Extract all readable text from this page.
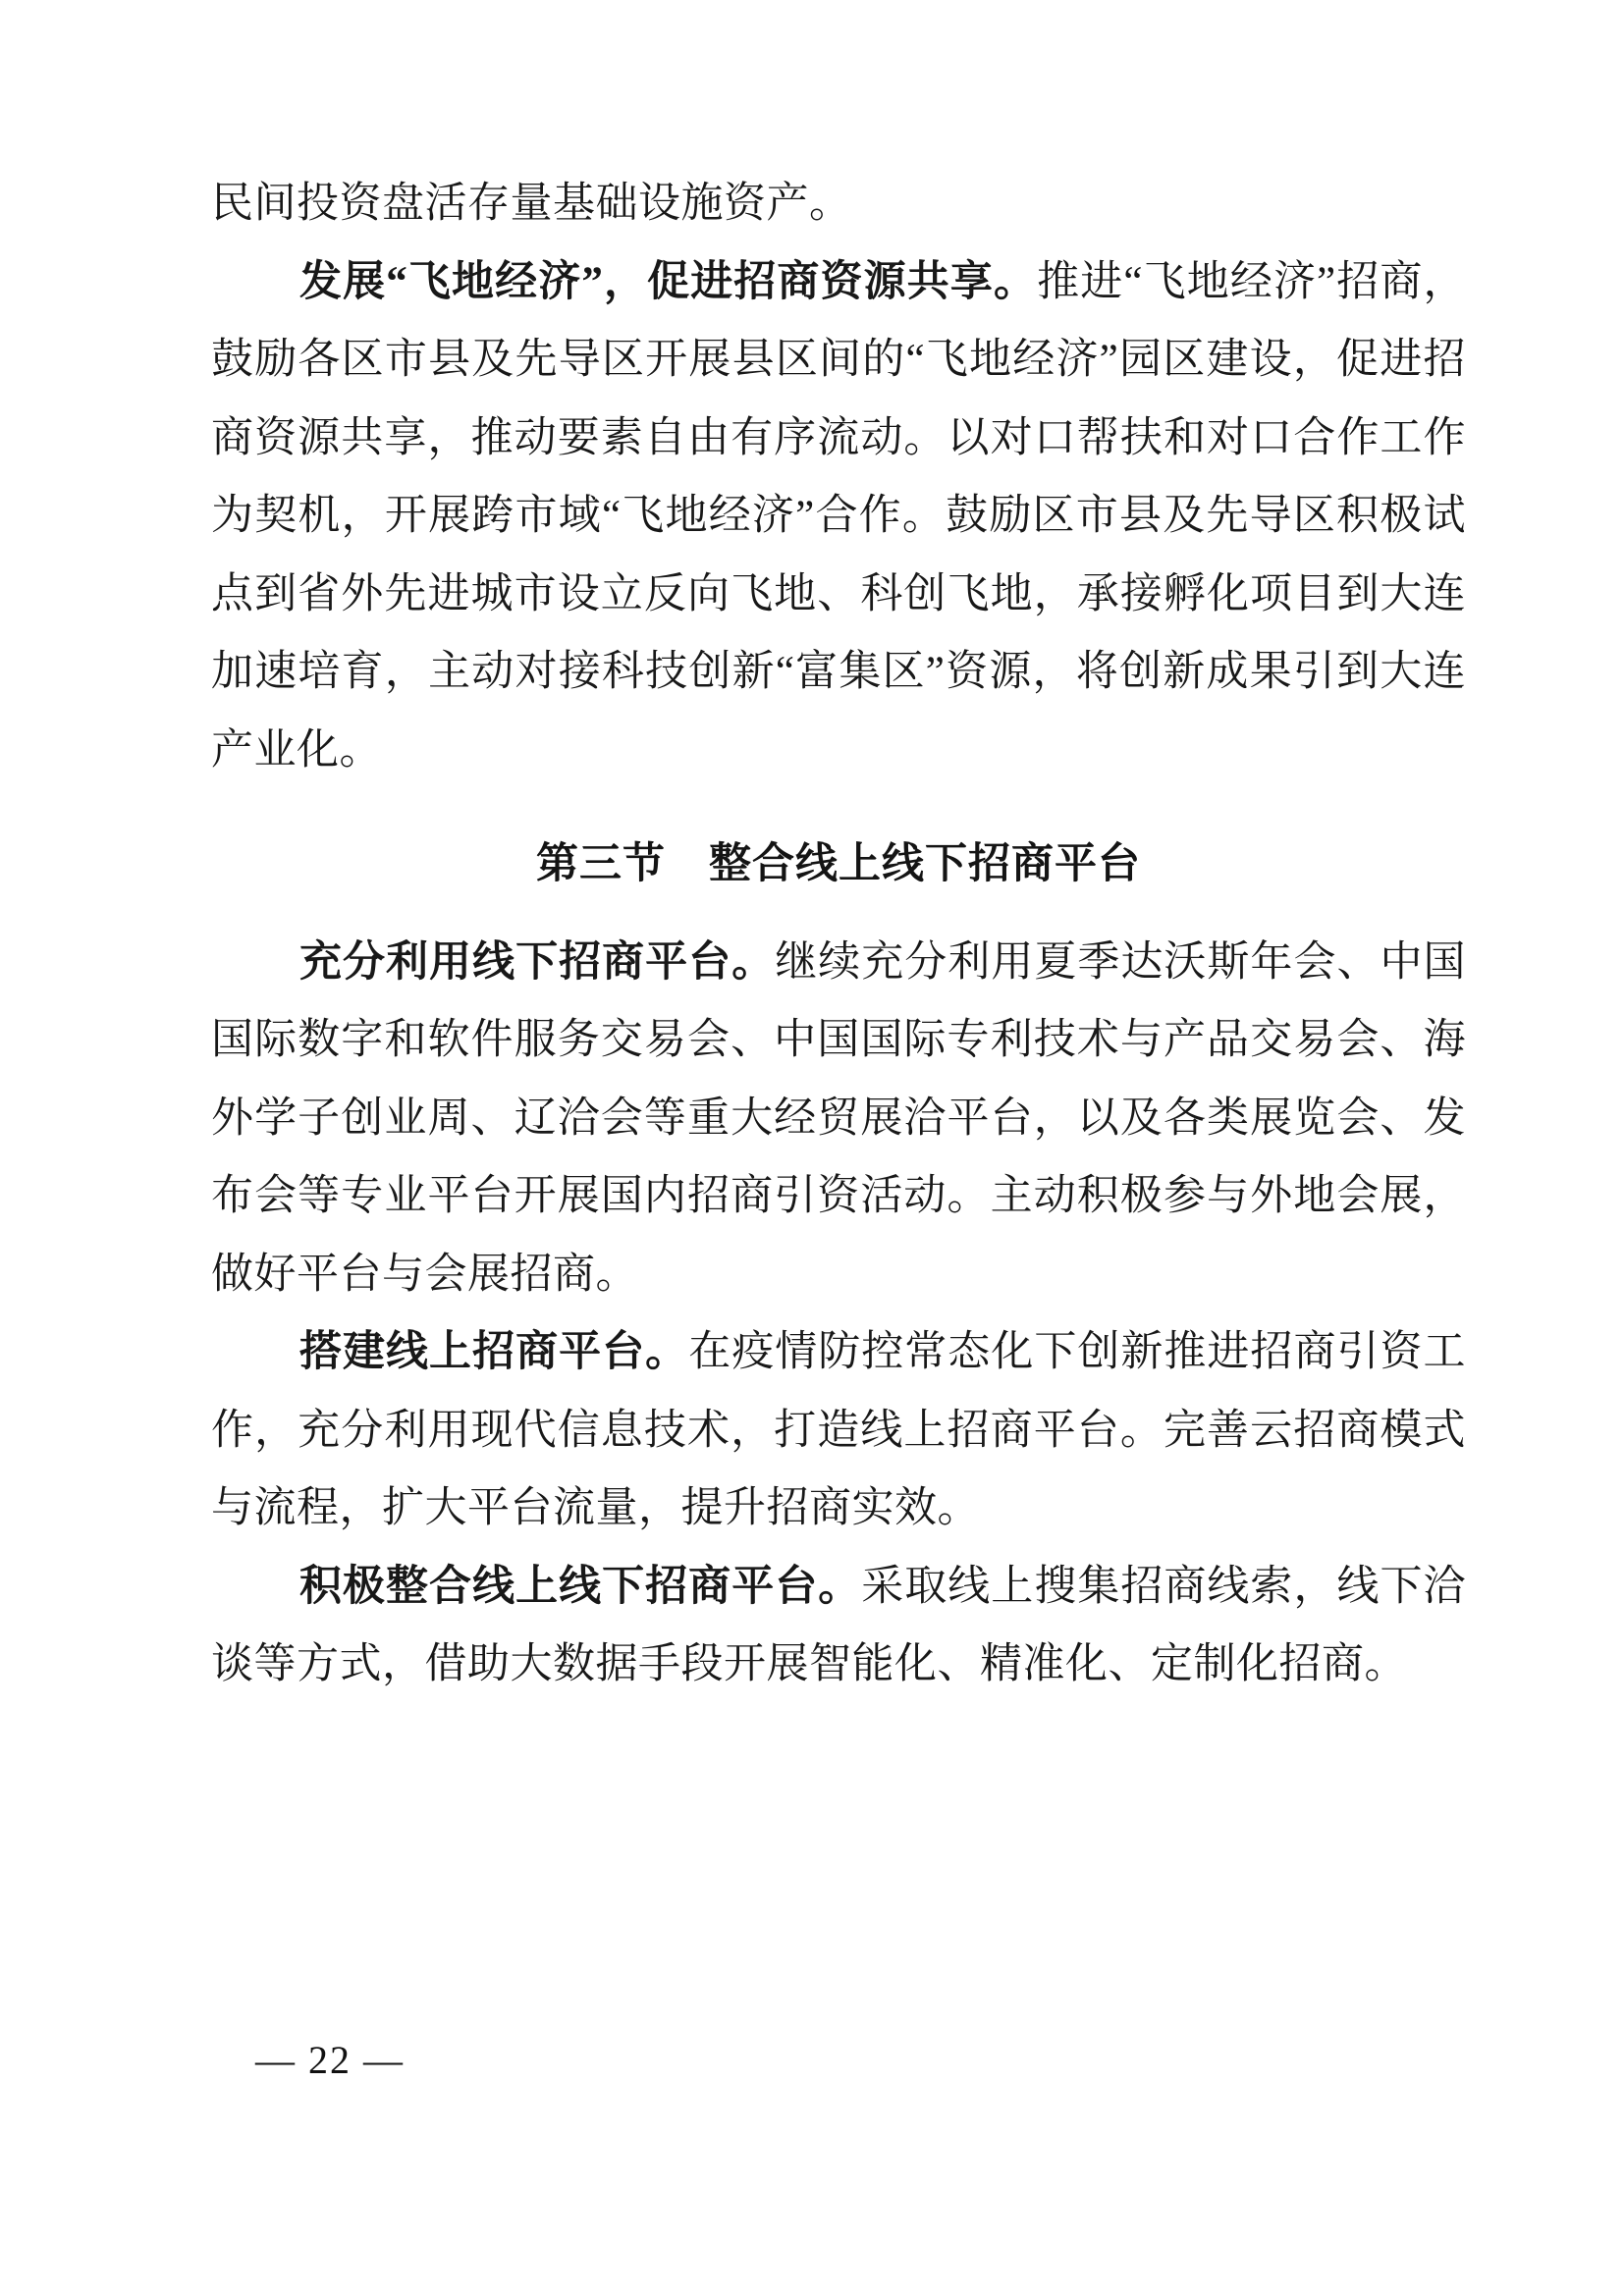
民间投资盘活存量基础设施资产。

发展“飞地经济”，促进招商资源共享。推进“飞地经济”招商，鼓励各区市县及先导区开展县区间的“飞地经济”园区建设，促进招商资源共享，推动要素自由有序流动。以对口帮扶和对口合作工作为契机，开展跨市域“飞地经济”合作。鼓励区市县及先导区积极试点到省外先进城市设立反向飞地、科创飞地，承接孵化项目到大连加速培育，主动对接科技创新“富集区”资源，将创新成果引到大连产业化。

第三节　整合线上线下招商平台

充分利用线下招商平台。继续充分利用夏季达沃斯年会、中国国际数字和软件服务交易会、中国国际专利技术与产品交易会、海外学子创业周、辽洽会等重大经贸展洽平台，以及各类展览会、发布会等专业平台开展国内招商引资活动。主动积极参与外地会展，做好平台与会展招商。

搭建线上招商平台。在疫情防控常态化下创新推进招商引资工作，充分利用现代信息技术，打造线上招商平台。完善云招商模式与流程，扩大平台流量，提升招商实效。

积极整合线上线下招商平台。采取线上搜集招商线索，线下洽谈等方式，借助大数据手段开展智能化、精准化、定制化招商。

— 22 —
